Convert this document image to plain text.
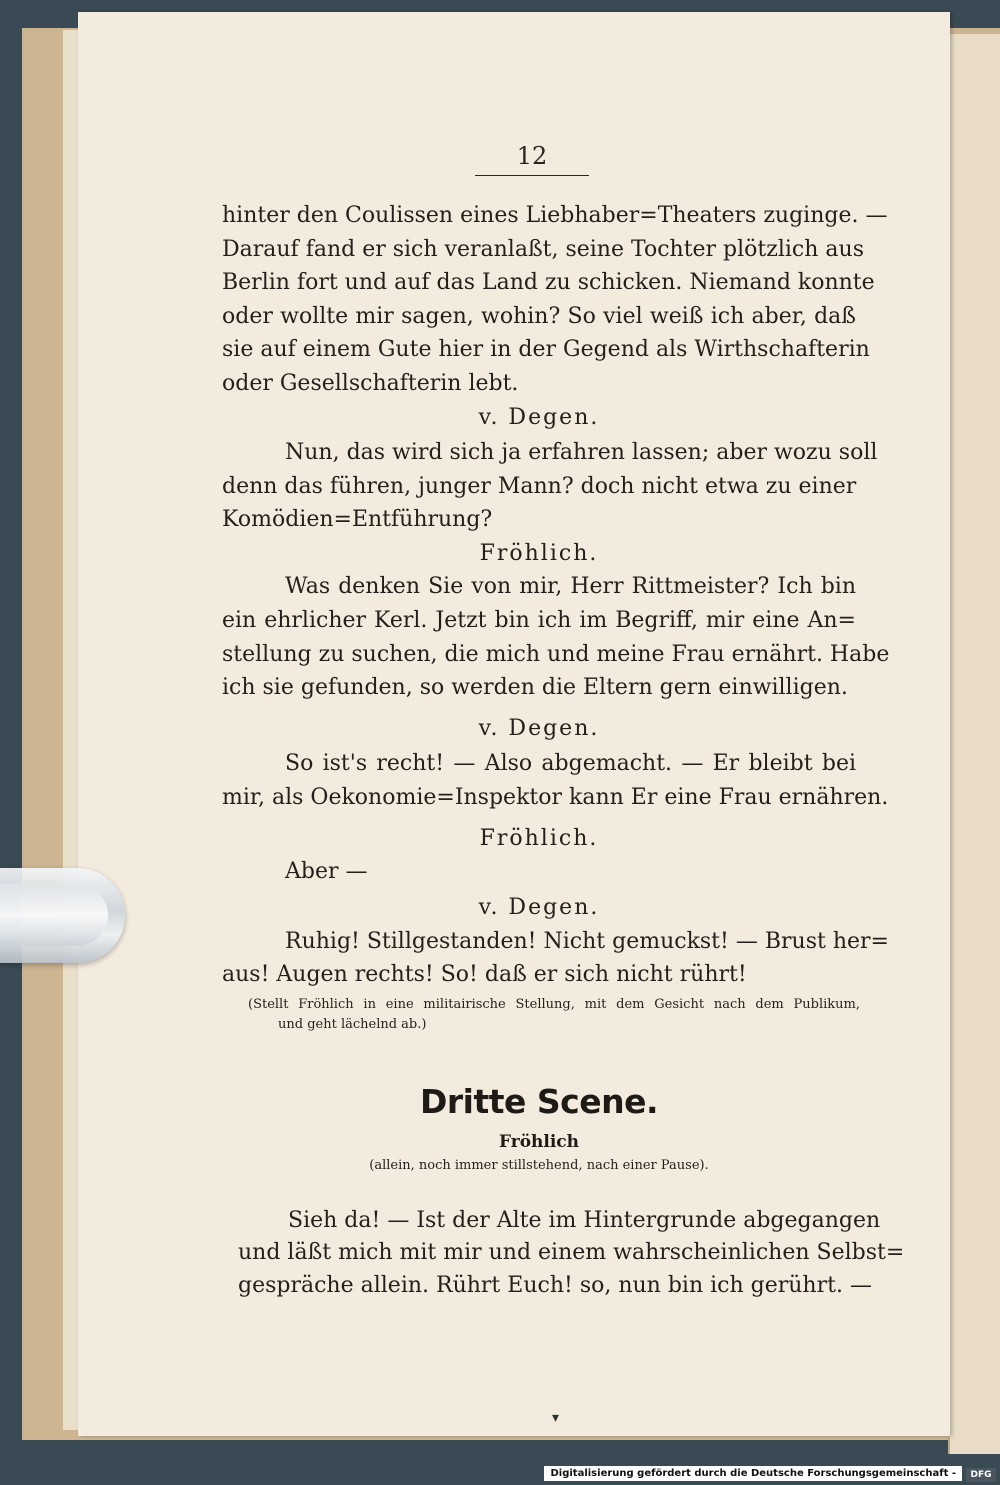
12
hinter den Coulissen eines Liebhaber=Theaters zuginge. —
Darauf fand er sich veranlaßt, seine Tochter plötzlich aus
Berlin fort und auf das Land zu schicken. Niemand konnte
oder wollte mir sagen, wohin? So viel weiß ich aber, daß
sie auf einem Gute hier in der Gegend als Wirthschafterin
oder Gesellschafterin lebt.
v. Degen.
Nun, das wird sich ja erfahren lassen; aber wozu soll
denn das führen, junger Mann? doch nicht etwa zu einer
Komödien=Entführung?
Fröhlich.
Was denken Sie von mir, Herr Rittmeister? Ich bin
ein ehrlicher Kerl. Jetzt bin ich im Begriff, mir eine An=
stellung zu suchen, die mich und meine Frau ernährt. Habe
ich sie gefunden, so werden die Eltern gern einwilligen.
v. Degen.
So ist's recht! — Also abgemacht. — Er bleibt bei
mir, als Oekonomie=Inspektor kann Er eine Frau ernähren.
Fröhlich.
Aber —
v. Degen.
Ruhig! Stillgestanden! Nicht gemuckst! — Brust her=
aus! Augen rechts! So! daß er sich nicht rührt!
(Stellt Fröhlich in eine militairische Stellung, mit dem Gesicht nach dem Publikum,
und geht lächelnd ab.)
Dritte Scene.
Fröhlich
(allein, noch immer stillstehend, nach einer Pause).
Sieh da! — Ist der Alte im Hintergrunde abgegangen
und läßt mich mit mir und einem wahrscheinlichen Selbst=
gespräche allein. Rührt Euch! so, nun bin ich gerührt. —
▾
Digitalisierung gefördert durch die Deutsche Forschungsgemeinschaft -	DFG
